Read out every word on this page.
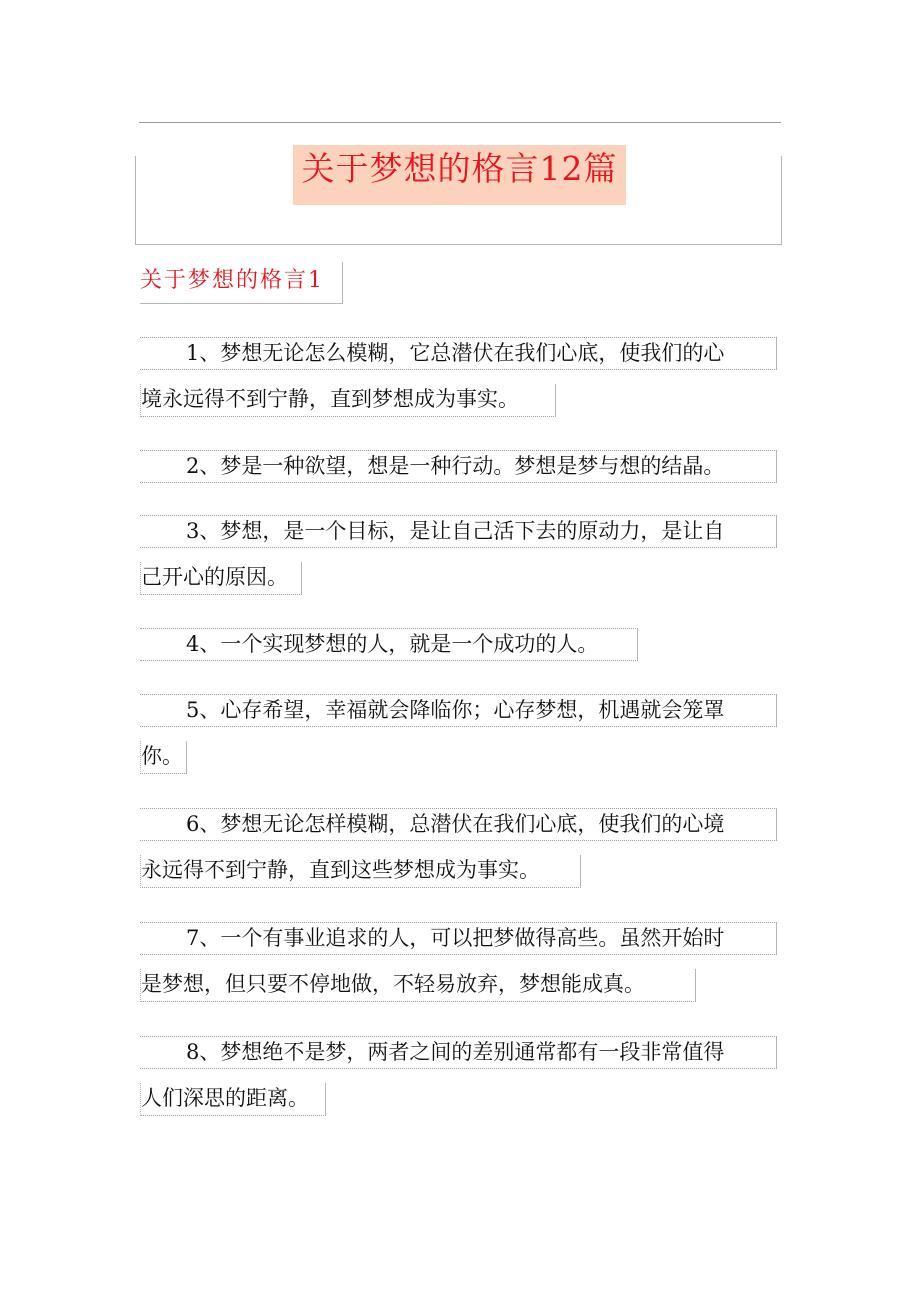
关于梦想的格言12篇
关于梦想的格言1
1、梦想无论怎么模糊，它总潜伏在我们心底，使我们的心
境永远得不到宁静，直到梦想成为事实。
2、梦是一种欲望，想是一种行动。梦想是梦与想的结晶。
3、梦想，是一个目标，是让自己活下去的原动力，是让自
己开心的原因。
4、一个实现梦想的人，就是一个成功的人。
5、心存希望，幸福就会降临你；心存梦想，机遇就会笼罩
你。
6、梦想无论怎样模糊，总潜伏在我们心底，使我们的心境
永远得不到宁静，直到这些梦想成为事实。
7、一个有事业追求的人，可以把梦做得高些。虽然开始时
是梦想，但只要不停地做，不轻易放弃，梦想能成真。
8、梦想绝不是梦，两者之间的差别通常都有一段非常值得
人们深思的距离。
